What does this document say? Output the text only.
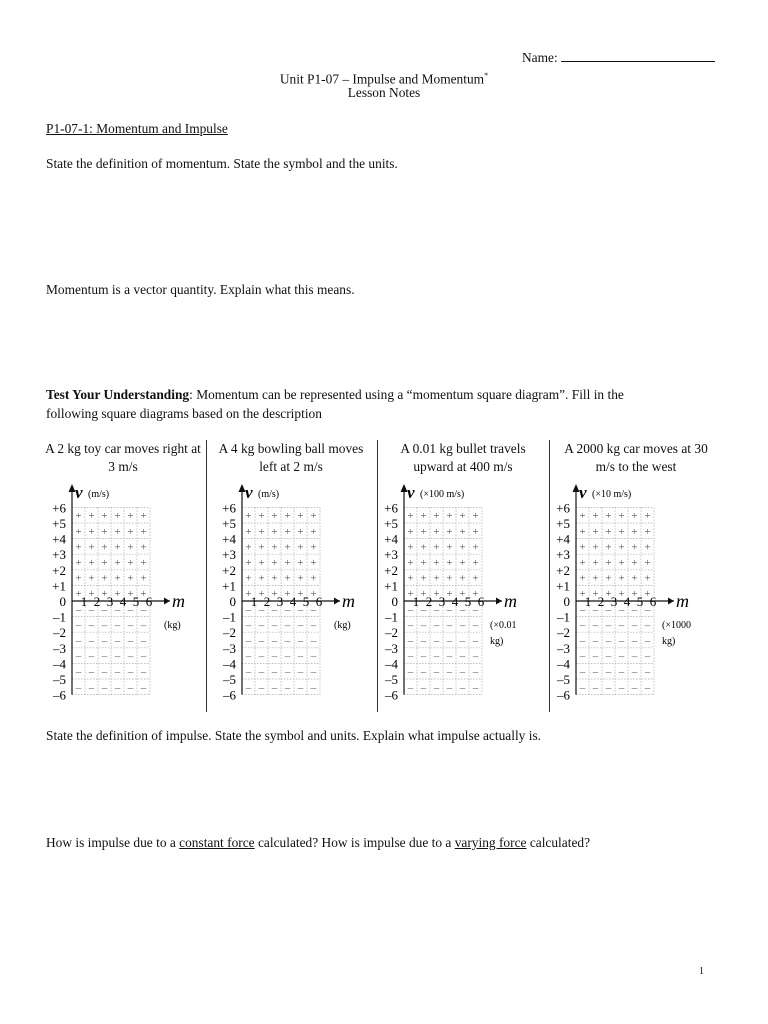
Name:
Unit P1-07 – Impulse and Momentum*
Lesson Notes
P1-07-1: Momentum and Impulse
State the definition of momentum. State the symbol and the units.
Momentum is a vector quantity. Explain what this means.
Test Your Understanding: Momentum can be represented using a “momentum square diagram”. Fill in the
following square diagrams based on the description
A 2 kg toy car moves right at 3 m/s
A 4 kg bowling ball moves left at 2 m/s
A 0.01 kg bullet travels upward at 400 m/s
A 2000 kg car moves at 30 m/s to the west
+
–
+
–
+
–
+
–
+
–
+
–
+
–
+
–
+
–
+
–
+
–
+
–
+
–
+
–
+
–
+
–
+
–
+
–
+
–
+
–
+
–
+
–
+
–
+
–
+
–
+
–
+
–
+
–
+
–
+
–
+
–
+
–
+
–
+
–
+
–
+
–
+6
+5
+4
+3
+2
+1
0
–1
–2
–3
–4
–5
–6
1 2 3 4 5 6
v (m/s)
m
(kg)
+
–
+
–
+
–
+
–
+
–
+
–
+
–
+
–
+
–
+
–
+
–
+
–
+
–
+
–
+
–
+
–
+
–
+
–
+
–
+
–
+
–
+
–
+
–
+
–
+
–
+
–
+
–
+
–
+
–
+
–
+
–
+
–
+
–
+
–
+
–
+
–
+6
+5
+4
+3
+2
+1
0
–1
–2
–3
–4
–5
–6
1 2 3 4 5 6
v (m/s)
m
(kg)
+
–
+
–
+
–
+
–
+
–
+
–
+
–
+
–
+
–
+
–
+
–
+
–
+
–
+
–
+
–
+
–
+
–
+
–
+
–
+
–
+
–
+
–
+
–
+
–
+
–
+
–
+
–
+
–
+
–
+
–
+
–
+
–
+
–
+
–
+
–
+
–
+6
+5
+4
+3
+2
+1
0
–1
–2
–3
–4
–5
–6
1 2 3 4 5 6
v (×100 m/s)
m
(×0.01
kg)
+
–
+
–
+
–
+
–
+
–
+
–
+
–
+
–
+
–
+
–
+
–
+
–
+
–
+
–
+
–
+
–
+
–
+
–
+
–
+
–
+
–
+
–
+
–
+
–
+
–
+
–
+
–
+
–
+
–
+
–
+
–
+
–
+
–
+
–
+
–
+
–
+6
+5
+4
+3
+2
+1
0
–1
–2
–3
–4
–5
–6
1 2 3 4 5 6
v (×10 m/s)
m
(×1000
kg)
State the definition of impulse. State the symbol and units. Explain what impulse actually is.
How is impulse due to a constant force calculated? How is impulse due to a varying force calculated?
1
